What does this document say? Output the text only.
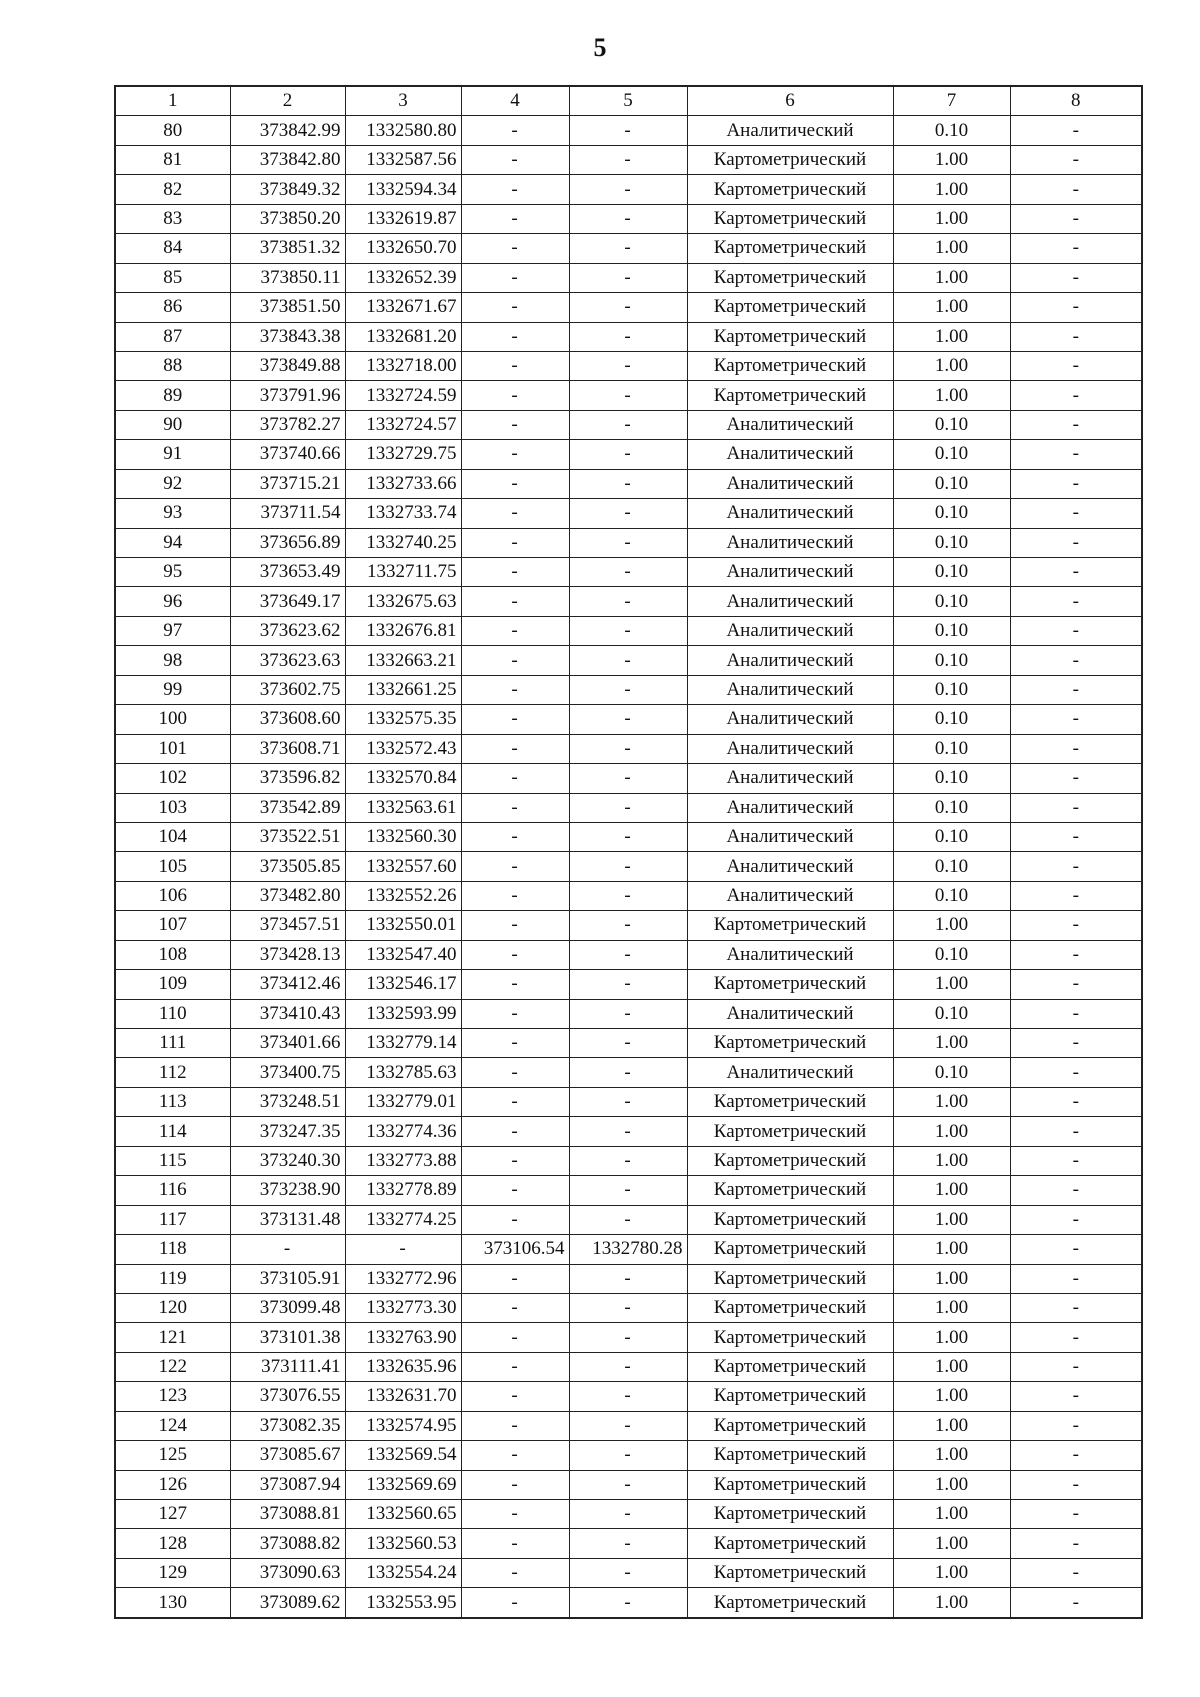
5
1	2	3	4	5	6	7	8
80	373842.99	1332580.80	-	-	Аналитический	0.10	-
81	373842.80	1332587.56	-	-	Картометрический	1.00	-
82	373849.32	1332594.34	-	-	Картометрический	1.00	-
83	373850.20	1332619.87	-	-	Картометрический	1.00	-
84	373851.32	1332650.70	-	-	Картометрический	1.00	-
85	373850.11	1332652.39	-	-	Картометрический	1.00	-
86	373851.50	1332671.67	-	-	Картометрический	1.00	-
87	373843.38	1332681.20	-	-	Картометрический	1.00	-
88	373849.88	1332718.00	-	-	Картометрический	1.00	-
89	373791.96	1332724.59	-	-	Картометрический	1.00	-
90	373782.27	1332724.57	-	-	Аналитический	0.10	-
91	373740.66	1332729.75	-	-	Аналитический	0.10	-
92	373715.21	1332733.66	-	-	Аналитический	0.10	-
93	373711.54	1332733.74	-	-	Аналитический	0.10	-
94	373656.89	1332740.25	-	-	Аналитический	0.10	-
95	373653.49	1332711.75	-	-	Аналитический	0.10	-
96	373649.17	1332675.63	-	-	Аналитический	0.10	-
97	373623.62	1332676.81	-	-	Аналитический	0.10	-
98	373623.63	1332663.21	-	-	Аналитический	0.10	-
99	373602.75	1332661.25	-	-	Аналитический	0.10	-
100	373608.60	1332575.35	-	-	Аналитический	0.10	-
101	373608.71	1332572.43	-	-	Аналитический	0.10	-
102	373596.82	1332570.84	-	-	Аналитический	0.10	-
103	373542.89	1332563.61	-	-	Аналитический	0.10	-
104	373522.51	1332560.30	-	-	Аналитический	0.10	-
105	373505.85	1332557.60	-	-	Аналитический	0.10	-
106	373482.80	1332552.26	-	-	Аналитический	0.10	-
107	373457.51	1332550.01	-	-	Картометрический	1.00	-
108	373428.13	1332547.40	-	-	Аналитический	0.10	-
109	373412.46	1332546.17	-	-	Картометрический	1.00	-
110	373410.43	1332593.99	-	-	Аналитический	0.10	-
111	373401.66	1332779.14	-	-	Картометрический	1.00	-
112	373400.75	1332785.63	-	-	Аналитический	0.10	-
113	373248.51	1332779.01	-	-	Картометрический	1.00	-
114	373247.35	1332774.36	-	-	Картометрический	1.00	-
115	373240.30	1332773.88	-	-	Картометрический	1.00	-
116	373238.90	1332778.89	-	-	Картометрический	1.00	-
117	373131.48	1332774.25	-	-	Картометрический	1.00	-
118	-	-	373106.54	1332780.28	Картометрический	1.00	-
119	373105.91	1332772.96	-	-	Картометрический	1.00	-
120	373099.48	1332773.30	-	-	Картометрический	1.00	-
121	373101.38	1332763.90	-	-	Картометрический	1.00	-
122	373111.41	1332635.96	-	-	Картометрический	1.00	-
123	373076.55	1332631.70	-	-	Картометрический	1.00	-
124	373082.35	1332574.95	-	-	Картометрический	1.00	-
125	373085.67	1332569.54	-	-	Картометрический	1.00	-
126	373087.94	1332569.69	-	-	Картометрический	1.00	-
127	373088.81	1332560.65	-	-	Картометрический	1.00	-
128	373088.82	1332560.53	-	-	Картометрический	1.00	-
129	373090.63	1332554.24	-	-	Картометрический	1.00	-
130	373089.62	1332553.95	-	-	Картометрический	1.00	-
